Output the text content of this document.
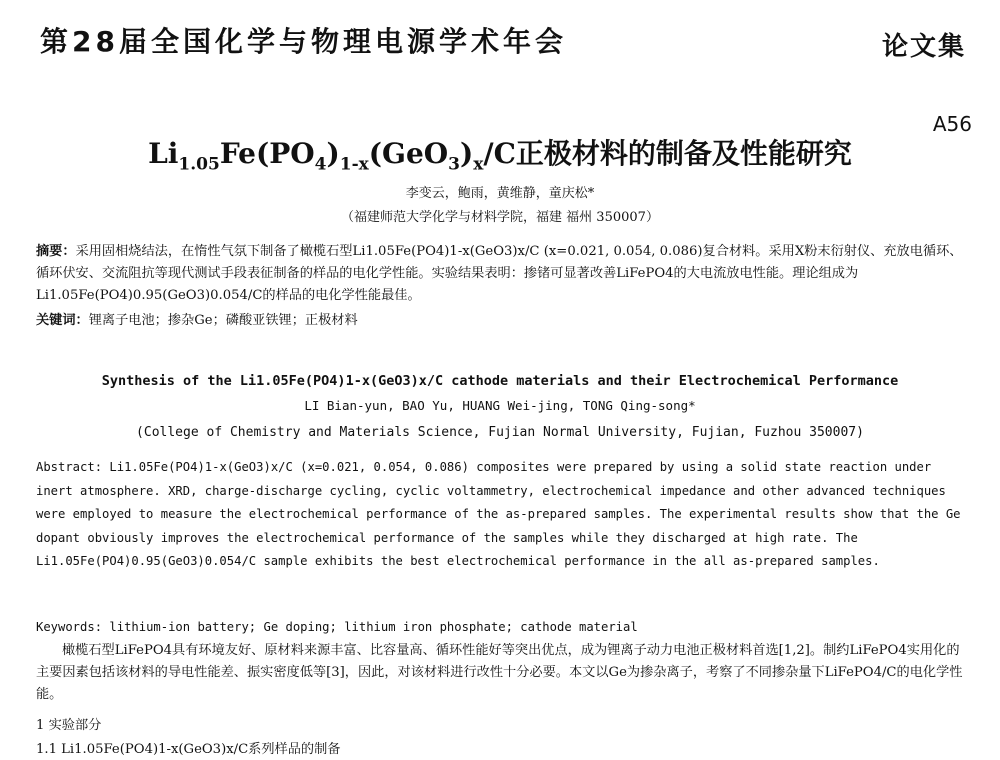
第28届全国化学与物理电源学术年会	论文集
A56
$Li_{1.05}Fe(PO_4)_{1-x}(GeO_3)_x/C$正极材料的制备及性能研究
李变云，鲍雨，黄维静，童庆松*
（福建师范大学化学与材料学院，福建 福州 350007）
摘要：采用固相烧结法，在惰性气氛下制备了橄榄石型Li1.05Fe(PO4)1-x(GeO3)x/C (x=0.021, 0.054, 0.086)复合材料。采用X粉末衍射仪、充放电循环、循环伏安、交流阻抗等现代测试手段表征制备的样品的电化学性能。实验结果表明：掺锗可显著改善LiFePO4的大电流放电性能。理论组成为Li1.05Fe(PO4)0.95(GeO3)0.054/C的样品的电化学性能最佳。
关键词：锂离子电池；掺杂Ge；磷酸亚铁锂；正极材料
Synthesis of the Li1.05Fe(PO4)1-x(GeO3)x/C cathode materials and their Electrochemical Performance
LI Bian-yun, BAO Yu, HUANG Wei-jing, TONG Qing-song*
(College of Chemistry and Materials Science, Fujian Normal University, Fujian, Fuzhou 350007)
Abstract: Li1.05Fe(PO4)1-x(GeO3)x/C (x=0.021, 0.054, 0.086) composites were prepared by using a solid state reaction under inert atmosphere. XRD, charge-discharge cycling, cyclic voltammetry, electrochemical impedance and other advanced techniques were employed to measure the electrochemical performance of the as-prepared samples. The experimental results show that the Ge dopant obviously improves the electrochemical performance of the samples while they discharged at high rate. The Li1.05Fe(PO4)0.95(GeO3)0.054/C sample exhibits the best electrochemical performance in the all as-prepared samples.
Keywords: lithium-ion battery; Ge doping; lithium iron phosphate; cathode material
橄榄石型LiFePO4具有环境友好、原材料来源丰富、比容量高、循环性能好等突出优点，成为锂离子动力电池正极材料首选[1,2]。制约LiFePO4实用化的主要因素包括该材料的导电性能差、振实密度低等[3]，因此，对该材料进行改性十分必要。本文以Ge为掺杂离子，考察了不同掺杂量下LiFePO4/C的电化学性能。
1 实验部分
1.1 Li1.05Fe(PO4)1-x(GeO3)x/C系列样品的制备
